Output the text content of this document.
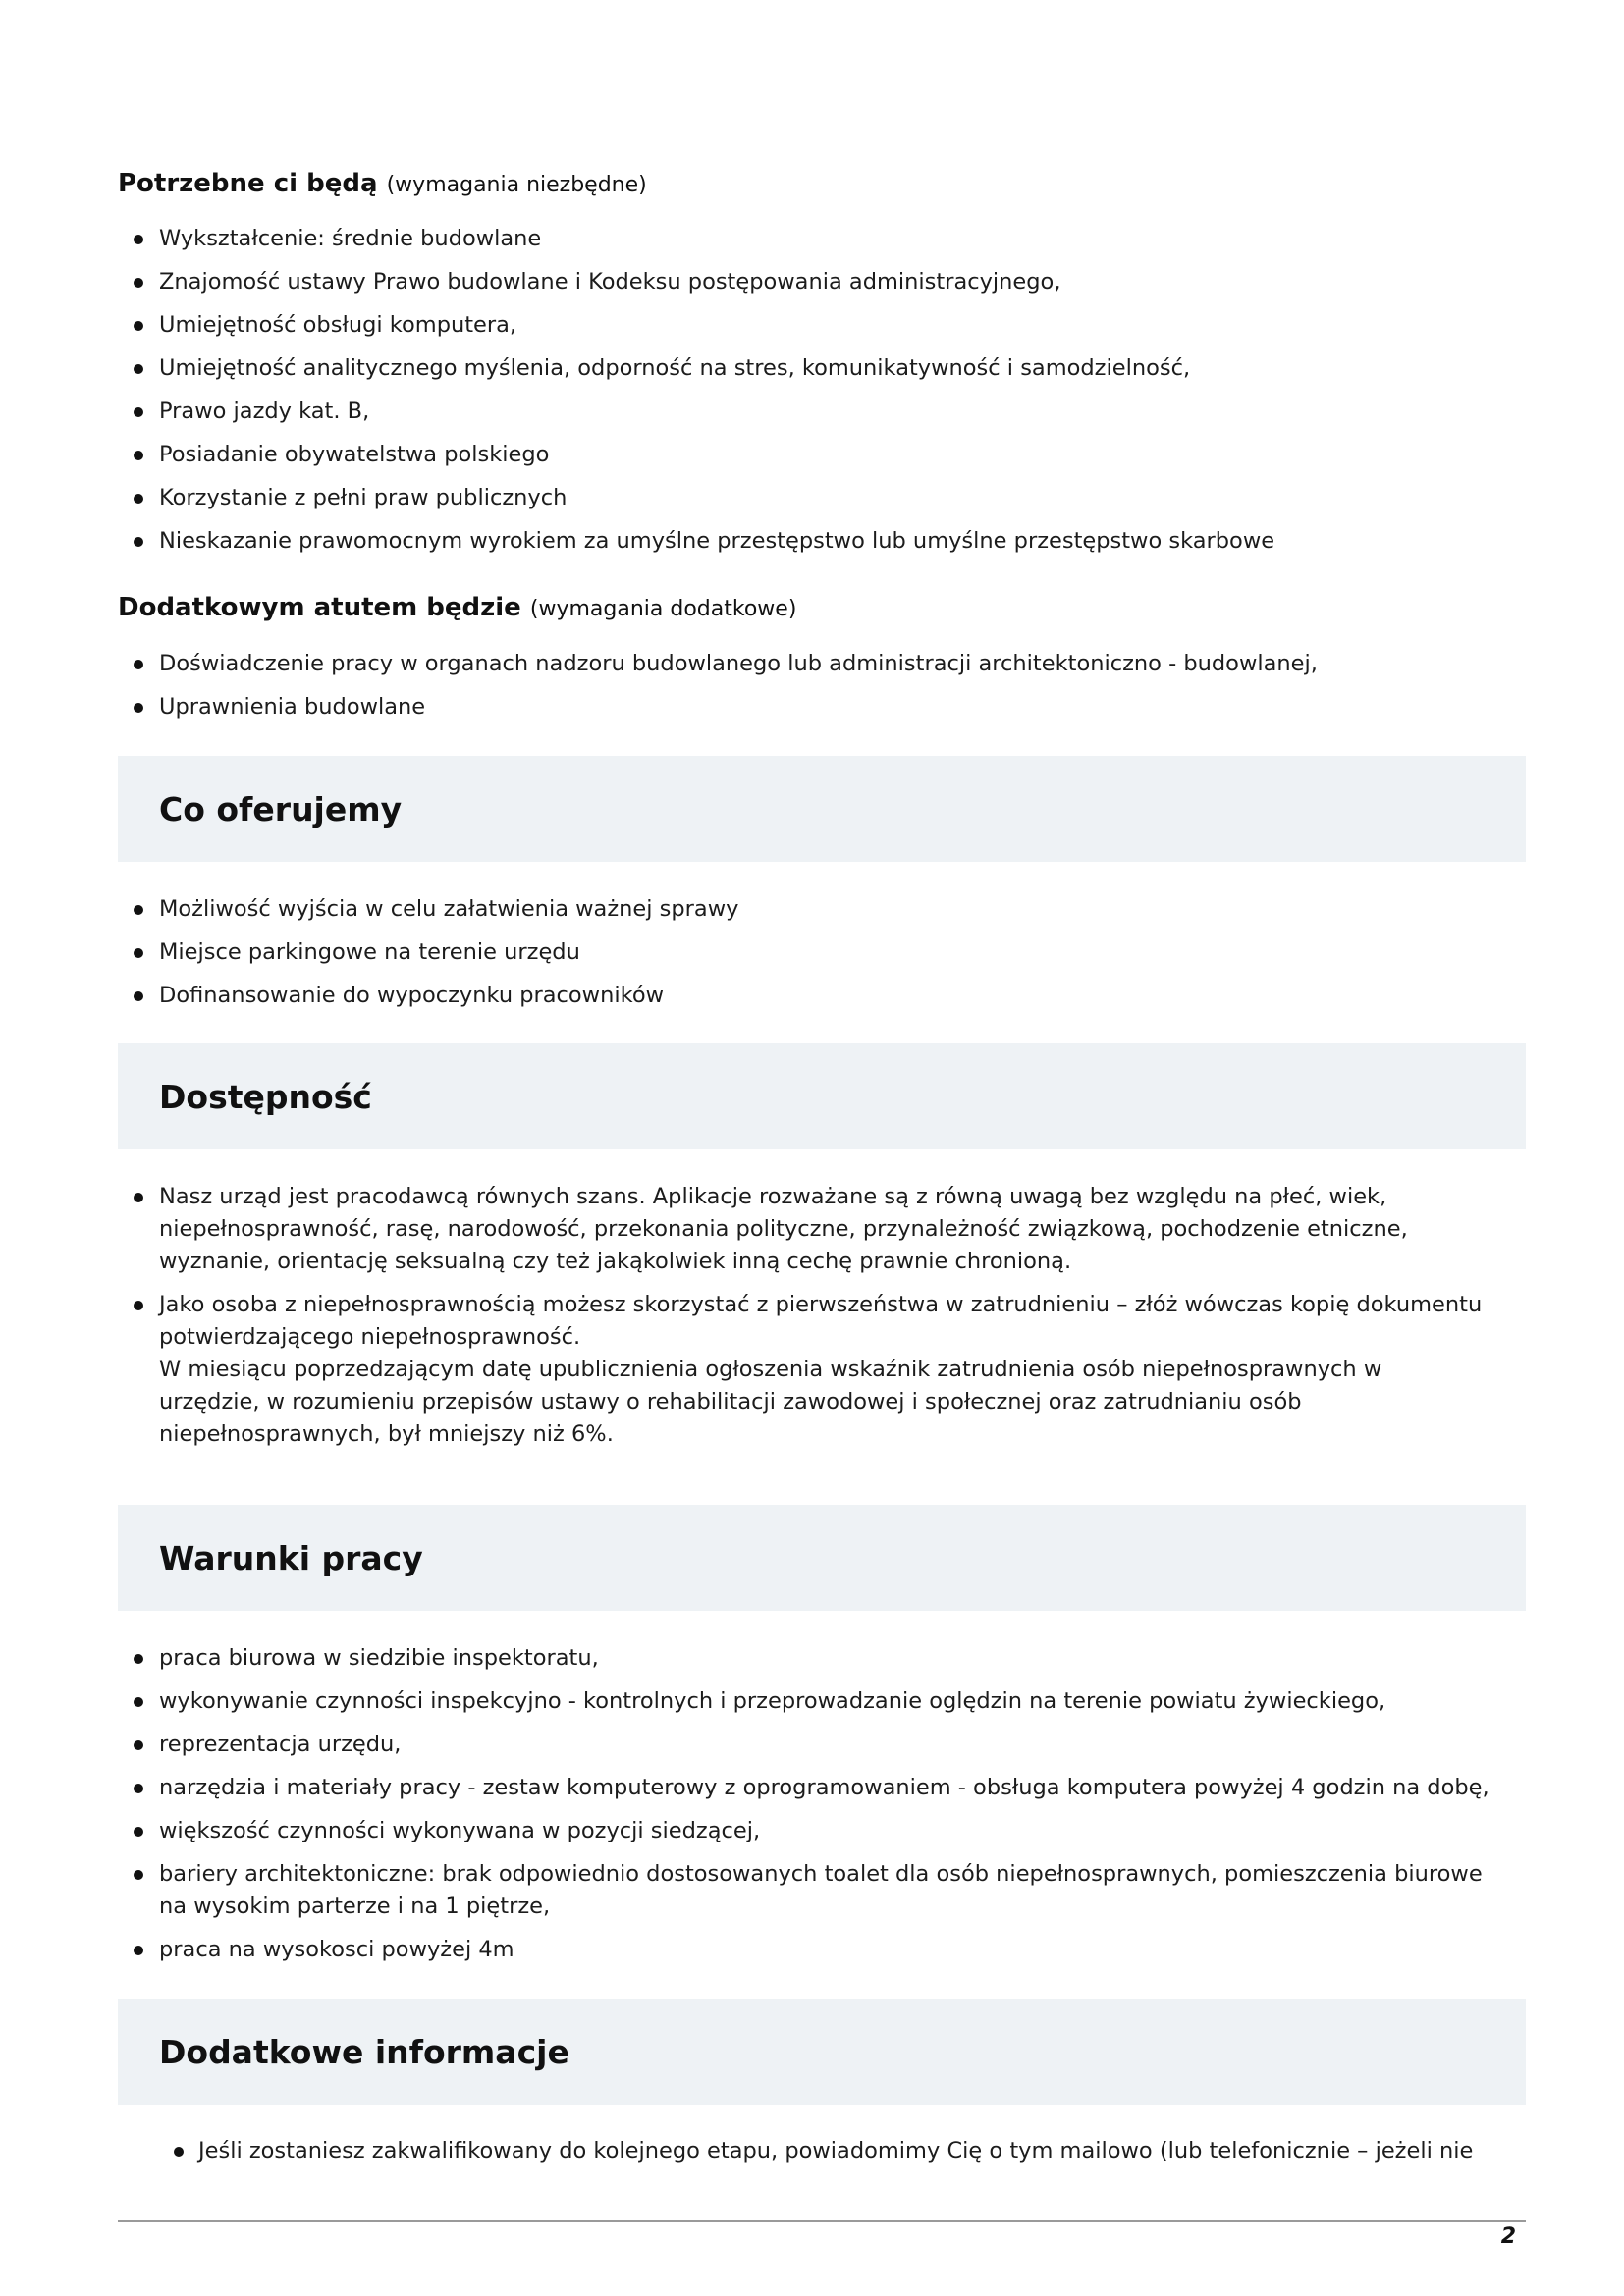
Potrzebne ci będą (wymagania niezbędne)
Wykształcenie: średnie budowlane
Znajomość ustawy Prawo budowlane i Kodeksu postępowania administracyjnego,
Umiejętność obsługi komputera,
Umiejętność analitycznego myślenia, odporność na stres, komunikatywność i samodzielność,
Prawo jazdy kat. B,
Posiadanie obywatelstwa polskiego
Korzystanie z pełni praw publicznych
Nieskazanie prawomocnym wyrokiem za umyślne przestępstwo lub umyślne przestępstwo skarbowe
Dodatkowym atutem będzie (wymagania dodatkowe)
Doświadczenie pracy w organach nadzoru budowlanego lub administracji architektoniczno - budowlanej,
Uprawnienia budowlane
Co oferujemy
Możliwość wyjścia w celu załatwienia ważnej sprawy
Miejsce parkingowe na terenie urzędu
Dofinansowanie do wypoczynku pracowników
Dostępność
Nasz urząd jest pracodawcą równych szans. Aplikacje rozważane są z równą uwagą bez względu na płeć, wiek, niepełnosprawność, rasę, narodowość, przekonania polityczne, przynależność związkową, pochodzenie etniczne, wyznanie, orientację seksualną czy też jakąkolwiek inną cechę prawnie chronioną.
Jako osoba z niepełnosprawnością możesz skorzystać z pierwszeństwa w zatrudnieniu – złóż wówczas kopię dokumentu potwierdzającego niepełnosprawność.
W miesiącu poprzedzającym datę upublicznienia ogłoszenia wskaźnik zatrudnienia osób niepełnosprawnych w urzędzie, w rozumieniu przepisów ustawy o rehabilitacji zawodowej i społecznej oraz zatrudnianiu osób niepełnosprawnych, był mniejszy niż 6%.
Warunki pracy
praca biurowa w siedzibie inspektoratu,
wykonywanie czynności inspekcyjno - kontrolnych i przeprowadzanie oględzin na terenie powiatu żywieckiego,
reprezentacja urzędu,
narzędzia i materiały pracy - zestaw komputerowy z oprogramowaniem - obsługa komputera powyżej 4 godzin na dobę,
większość czynności wykonywana w pozycji siedzącej,
bariery architektoniczne: brak odpowiednio dostosowanych toalet dla osób niepełnosprawnych, pomieszczenia biurowe na wysokim parterze i na 1 piętrze,
praca na wysokosci powyżej 4m
Dodatkowe informacje
Jeśli zostaniesz zakwalifikowany do kolejnego etapu, powiadomimy Cię o tym mailowo (lub telefonicznie – jeżeli nie
2
